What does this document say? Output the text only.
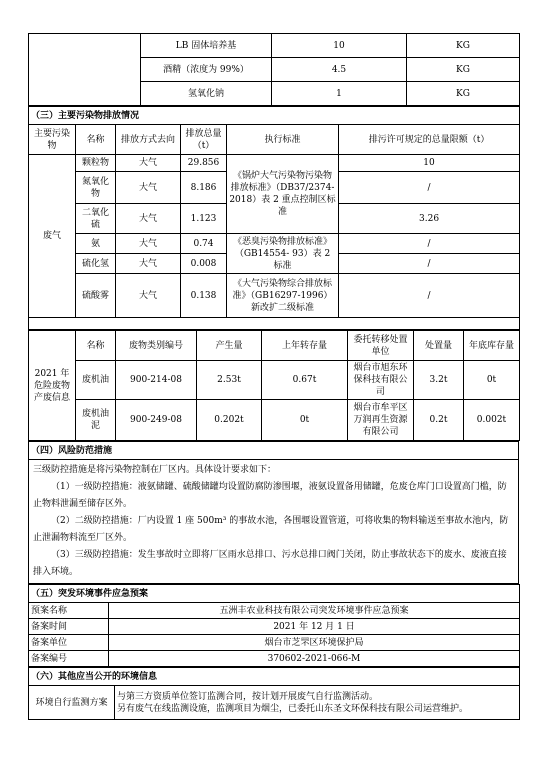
	LB 固体培养基	10	KG
	酒精（浓度为 99%）	4.5	KG
	氢氧化钠	1	KG
（三）主要污染物排放情况					
主要污染物	名称	排放方式去向	排放总量（t）	执行标准	排污许可规定的总量限额（t）
废气	颗粒物	大气	29.856	《锅炉大气污染物污染物排放标准》（DB37/2374-2018）表 2 重点控制区标准	10
	氮氧化物	大气	8.186		/
	二氧化硫	大气	1.123		3.26
	氨	大气	0.74	《恶臭污染物排放标准》（GB14554- 93）表 2 标准	/
	硫化氢	大气	0.008		/
	硫酸雾	大气	0.138	《大气污染物综合排放标准》（GB16297-1996）新改扩二级标准	/

2021 年危险废物产废信息	名称	废物类别编号	产生量	上年转存量	委托转移处置单位	处置量	年底库存量
	废机油	900-214-08	2.53t	0.67t	烟台市旭东环保科技有限公司	3.2t	0t
	废机油泥	900-249-08	0.202t	0t	烟台市牟平区万润再生资源有限公司	0.2t	0.002t
（四）风险防范措施

三级防控措施是将污染物控制在厂区内。具体设计要求如下：

（1）一级防控措施：液氨储罐、硫酸储罐均设置防腐防渗围堰，液氨设置备用储罐，危废仓库门口设置高门槛，防止物料泄漏至储存区外。

（2）二级防控措施：厂内设置 1 座 500m³ 的事故水池，各围堰设置管道，可将收集的物料输送至事故水池内，防止泄漏物料流至厂区外。

（3）三级防控措施：发生事故时立即将厂区雨水总排口、污水总排口阀门关闭，防止事故状态下的废水、废液直接排入环境。

（五）突发环境事件应急预案	
预案名称	五洲丰农业科技有限公司突发环境事件应急预案
备案时间	2021 年 12 月 1 日
备案单位	烟台市芝罘区环境保护局
备案编号	370602-2021-066-M
（六）其他应当公开的环境信息
环境自行监测方案	
与第三方资质单位签订监测合同，按计划开展废气自行监测活动。
另有废气在线监测设施，监测项目为烟尘，已委托山东圣文环保科技有限公司运营维护。
